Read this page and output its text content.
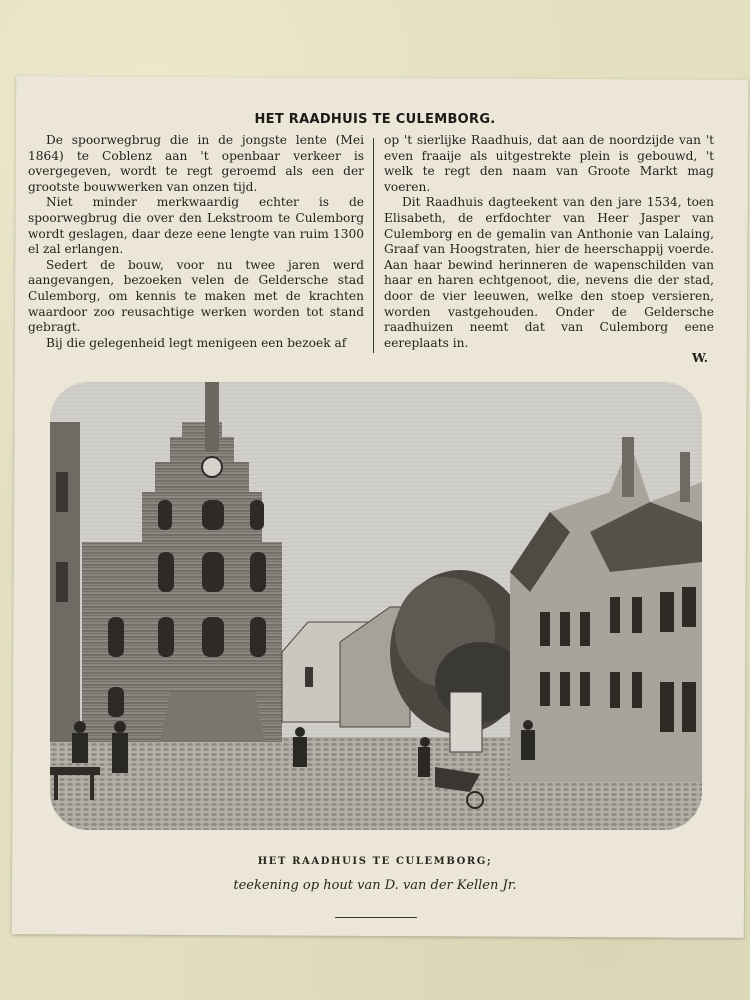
HET RAADHUIS TE CULEMBORG.

De spoorwegbrug die in de jongste lente (Mei 1864) te Coblenz aan 't openbaar verkeer is overgegeven, wordt te regt geroemd als een der grootste bouwwerken van onzen tijd.

Niet minder merkwaardig echter is de spoorwegbrug die over den Lekstroom te Culemborg wordt geslagen, daar deze eene lengte van ruim 1300 el zal erlangen.

Sedert de bouw, voor nu twee jaren werd aangevangen, bezoeken velen de Geldersche stad Culemborg, om kennis te maken met de krachten waardoor zoo reusachtige werken worden tot stand gebragt.

Bij die gelegenheid legt menigeen een bezoek af

op 't sierlijke Raadhuis, dat aan de noordzijde van 't even fraaije als uitgestrekte plein is gebouwd, 't welk te regt den naam van Groote Markt mag voeren.

Dit Raadhuis dagteekent van den jare 1534, toen Elisabeth, de erfdochter van Heer Jasper van Culemborg en de gemalin van Anthonie van Lalaing, Graaf van Hoogstraten, hier de heerschappij voerde. Aan haar bewind herinneren de wapenschilden van haar en haren echtgenoot, die, nevens die der stad, door de vier leeuwen, welke den stoep versieren, worden vastgehouden. Onder de Geldersche raadhuizen neemt dat van Culemborg eene eereplaats in.

W.
HET RAADHUIS TE CULEMBORG;
teekening op hout van D. van der Kellen Jr.
